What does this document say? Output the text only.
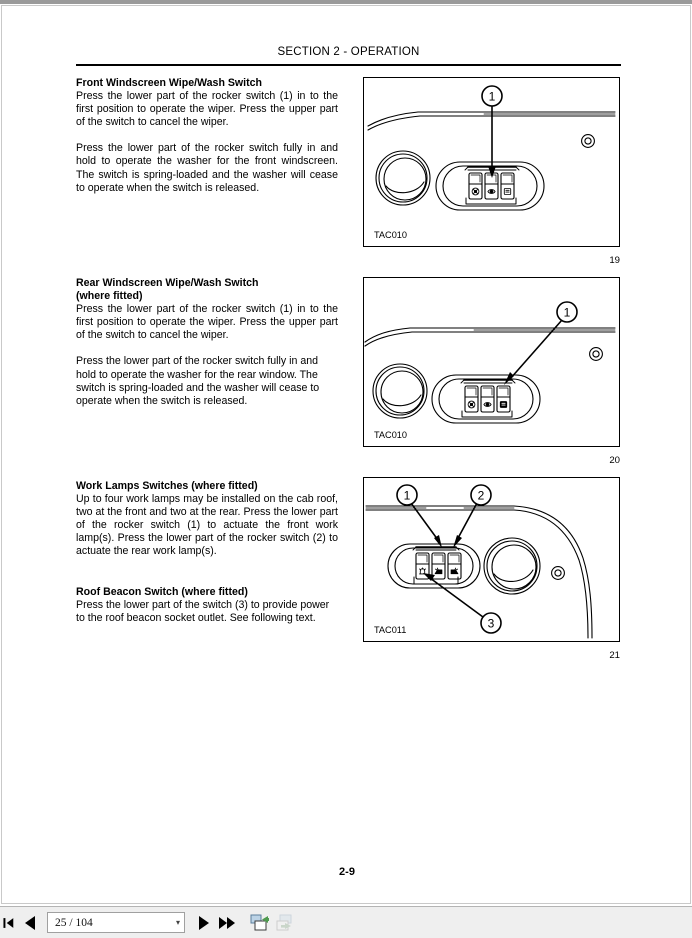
SECTION 2 - OPERATION
Front Windscreen Wipe/Wash Switch

Press the lower part of the rocker switch (1) in to the first position to operate the wiper. Press the upper part of the switch to cancel the wiper.

Press the lower part of the rocker switch fully in and hold to operate the washer for the front windscreen. The switch is spring-loaded and the washer will cease to operate when the switch is released.

Rear Windscreen Wipe/Wash Switch
(where fitted)

Press the lower part of the rocker switch (1) in to the first position to operate the wiper. Press the upper part of the switch to cancel the wiper.

Press the lower part of the rocker switch fully in and hold to operate the washer for the rear window. The switch is spring-loaded and the washer will cease to operate when the switch is released.

Work Lamps Switches (where fitted)

Up to four work lamps may be installed on the cab roof, two at the front and two at the rear. Press the lower part of the rocker switch (1) to actuate the front work lamp(s). Press the lower part of the rocker switch (2) to actuate the rear work lamp(s).

Roof Beacon Switch (where fitted)

Press the lower part of the switch (3) to provide power to the roof beacon socket outlet. See following text.

1
TAC010
19
1
TAC010
20
1	2
3
TAC011
21
2-9
25 / 104	▾
